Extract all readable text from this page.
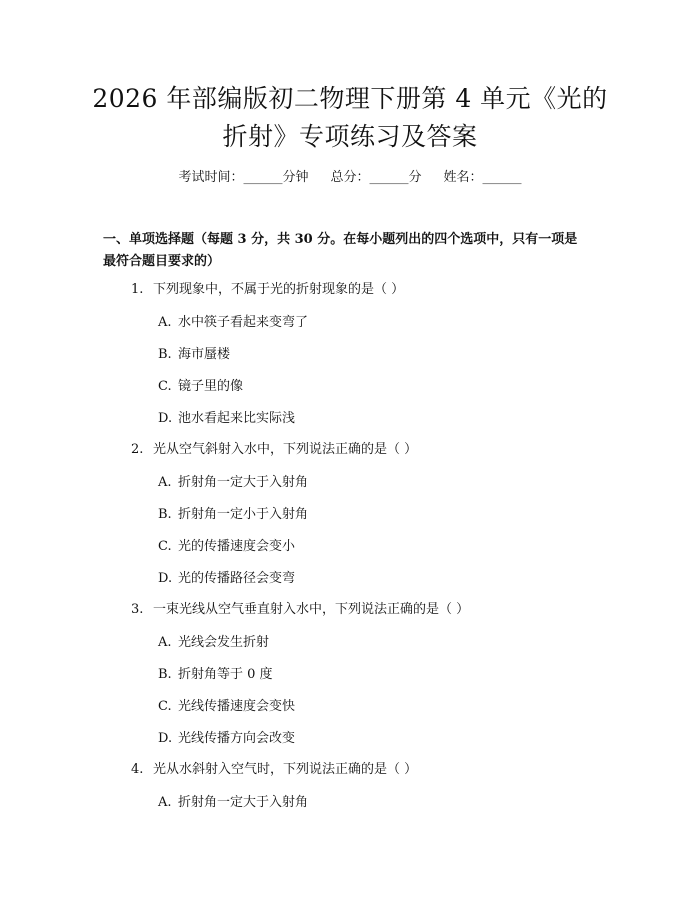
2026 年部编版初二物理下册第 4 单元《光的
折射》专项练习及答案
考试时间：______分钟 总分：______分 姓名：______

一、单项选择题（每题 3 分，共 30 分。在每小题列出的四个选项中，只有一项是
最符合题目要求的）

1. 下列现象中，不属于光的折射现象的是（ ）
A. 水中筷子看起来变弯了
B. 海市蜃楼
C. 镜子里的像
D. 池水看起来比实际浅
2. 光从空气斜射入水中，下列说法正确的是（ ）
A. 折射角一定大于入射角
B. 折射角一定小于入射角
C. 光的传播速度会变小
D. 光的传播路径会变弯
3. 一束光线从空气垂直射入水中，下列说法正确的是（ ）
A. 光线会发生折射
B. 折射角等于 0 度
C. 光线传播速度会变快
D. 光线传播方向会改变
4. 光从水斜射入空气时，下列说法正确的是（ ）
A. 折射角一定大于入射角
